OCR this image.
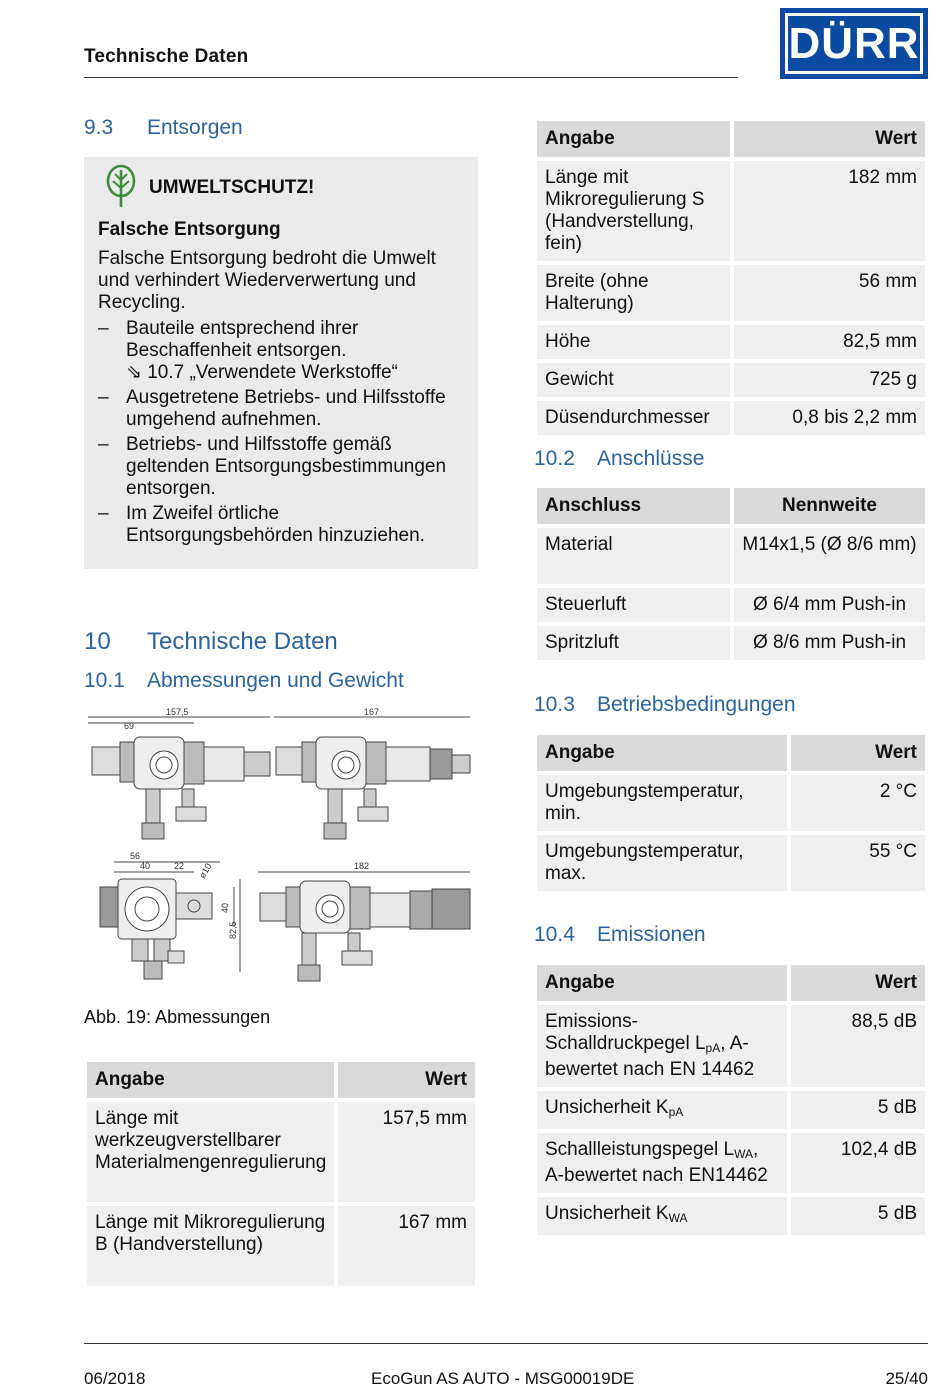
Technische Daten	DÜRR
9.3	Entsorgen
UMWELTSCHUTZ!
Falsche Entsorgung
Falsche Entsorgung bedroht die Umwelt und verhindert Wiederverwertung und Recycling.
– Bauteile entsprechend ihrer Beschaffenheit entsorgen.
⇘ 10.7 „Verwendete Werkstoffe“
– Ausgetretene Betriebs- und Hilfsstoffe umgehend aufnehmen.
– Betriebs- und Hilfsstoffe gemäß geltenden Entsorgungsbestimmungen entsorgen.
– Im Zweifel örtliche Entsorgungsbehörden hinzuziehen.
10	Technische Daten
10.1	Abmessungen und Gewicht
69
157,5	167
56
40	22	182
ø10
40
82,5
Abb. 19: Abmessungen
Angabe	Wert
Länge mit werkzeugverstellbarer Materialmengenregulierung	157,5 mm
Länge mit Mikroregulierung B (Handverstellung)	167 mm
Angabe	Wert
Länge mit Mikroregulierung S (Handverstellung, fein)	182 mm
Breite (ohne Halterung)	56 mm
Höhe	82,5 mm
Gewicht	725 g
Düsendurchmesser	0,8 bis 2,2 mm
10.2	Anschlüsse
Anschluss	Nennweite
Material	M14x1,5 (Ø 8/6 mm)
Steuerluft	Ø 6/4 mm Push-in
Spritzluft	Ø 8/6 mm Push-in
10.3	Betriebsbedingungen
Angabe	Wert
Umgebungstemperatur, min.	2 °C
Umgebungstemperatur, max.	55 °C
10.4	Emissionen
Angabe	Wert
Emissions-Schalldruckpegel $L_{pA}$, A-bewertet nach EN 14462	88,5 dB
Unsicherheit $K_{pA}$	5 dB
Schallleistungspegel $L_{WA}$, A-bewertet nach EN14462	102,4 dB
Unsicherheit $K_{WA}$	5 dB
06/2018	EcoGun AS AUTO - MSG00019DE	25/40
